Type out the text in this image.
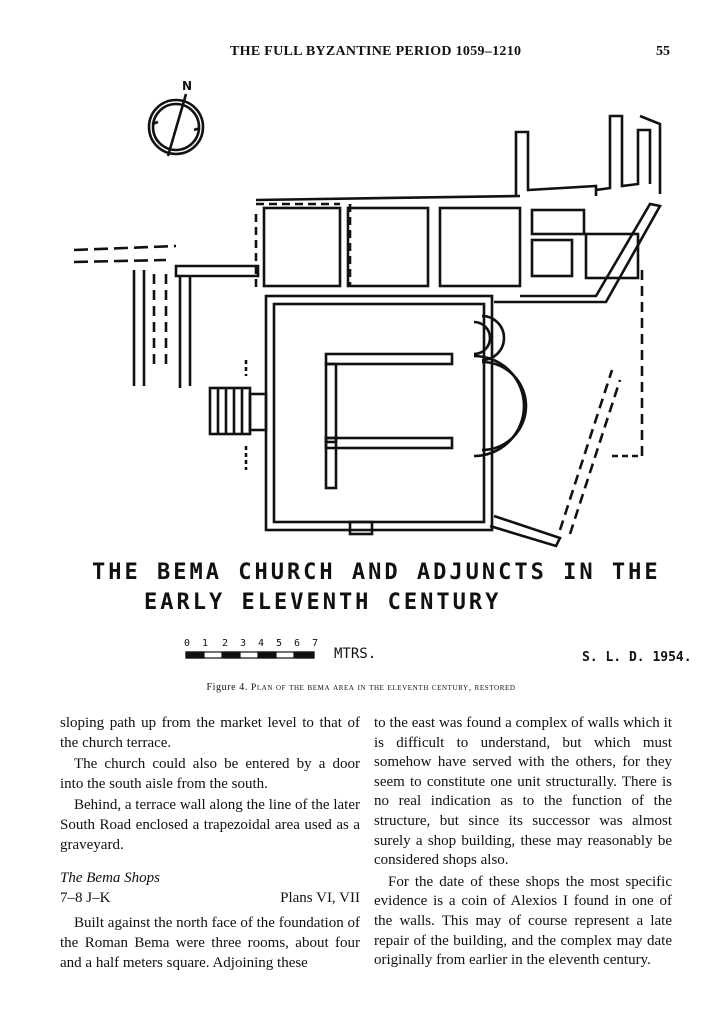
THE FULL BYZANTINE PERIOD 1059–1210	55
N
THE BEMA CHURCH AND ADJUNCTS IN THE
EARLY ELEVENTH CENTURY
0 1 2 3 4 5 6 7
MTRS.	S. L. D. 1954.
Figure 4. Plan of the bema area in the eleventh century, restored

sloping path up from the market level to that of the church terrace.

The church could also be entered by a door into the south aisle from the south.

Behind, a terrace wall along the line of the later South Road enclosed a trapezoidal area used as a graveyard.

The Bema Shops

7–8 J–K	Plans VI, VII

Built against the north face of the foundation of the Roman Bema were three rooms, about four and a half meters square. Adjoining these

to the east was found a complex of walls which it is difficult to understand, but which must somehow have served with the others, for they seem to constitute one unit structurally. There is no real indication as to the function of the structure, but since its successor was almost surely a shop building, these may reasonably be considered shops also.

For the date of these shops the most specific evidence is a coin of Alexios I found in one of the walls. This may of course represent a late repair of the building, and the complex may date originally from earlier in the eleventh century.
